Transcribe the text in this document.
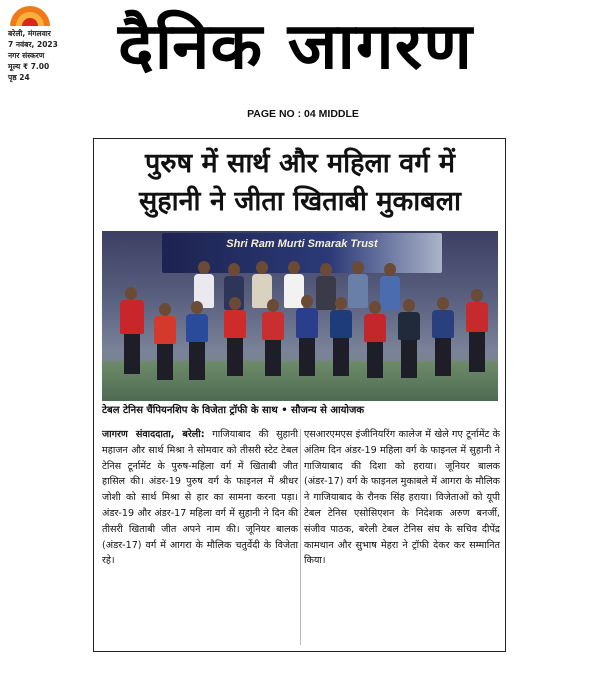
बरेली, मंगलवार
7 नवंबर, 2023
नगर संस्करण
मूल्य ₹ 7.00
पृष्ठ 24	दैनिक जागरण
PAGE NO : 04 MIDDLE
पुरुष में सार्थ और महिला वर्ग में
सुहानी ने जीता खिताबी मुकाबला
Shri Ram Murti Smarak Trust
टेबल टेनिस चैंपियनशिप के विजेता ट्रॉफी के साथ • सौजन्य से आयोजक
जागरण संवाददाता, बरेली: गाजियाबाद की सुहानी महाजन और सार्थ मिश्रा ने सोमवार को तीसरी स्टेट टेबल टेनिस टूर्नामेंट के पुरुष-महिला वर्ग में खिताबी जीत हासिल की। अंडर-19 पुरुष वर्ग के फाइनल में श्रीधर जोशी को सार्थ मिश्रा से हार का सामना करना पड़ा। अंडर-19 और अंडर-17 महिला वर्ग में सुहानी ने दिन की तीसरी खिताबी जीत अपने नाम की। जूनियर बालक (अंडर-17) वर्ग में आगरा के मौलिक चतुर्वेदी के विजेता रहे।
एसआरएमएस इंजीनियरिंग कालेज में खेले गए टूर्नामेंट के अंतिम दिन अंडर-19 महिला वर्ग के फाइनल में सुहानी ने गाजियाबाद की दिशा को हराया। जूनियर बालक (अंडर-17) वर्ग के फाइनल मुकाबले में आगरा के मौलिक ने गाजियाबाद के रौनक सिंह हराया। विजेताओं को यूपी टेबल टेनिस एसोसिएशन के निदेशक अरुण बनर्जी, संजीव पाठक, बरेली टेबल टेनिस संघ के सचिव दीपेंद्र कामथान और सुभाष मेहरा ने ट्रॉफी देकर कर सम्मानित किया।
